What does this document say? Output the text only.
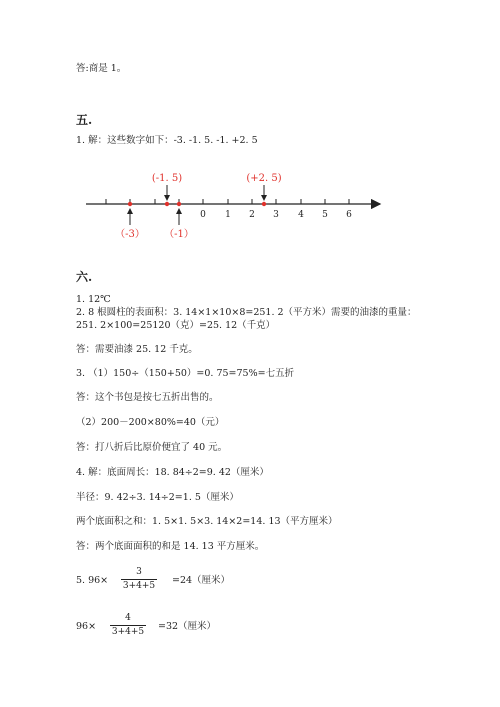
答:商是 1。
五.
1. 解：这些数字如下：-3. -1. 5. -1. +2. 5
0 1 2 3 4 5 6
(-1. 5)	(+2. 5)
（-3） （-1）
六.
1. 12℃
2. 8 根圆柱的表面积：3. 14×1×10×8=251. 2（平方米）需要的油漆的重量：
251. 2×100=25120（克）=25. 12（千克）
答：需要油漆 25. 12 千克。
3. （1）150÷（150+50）=0. 75=75%=七五折
答：这个书包是按七五折出售的。
（2）200－200×80%=40（元）
答：打八折后比原价便宜了 40 元。
4. 解：底面周长：18. 84÷2=9. 42（厘米）
半径：9. 42÷3. 14÷2=1. 5（厘米）
两个底面积之和：1. 5×1. 5×3. 14×2=14. 13（平方厘米）
答：两个底面面积的和是 14. 13 平方厘米。
5. 96×
3
3+4+5 =24（厘米）
96×
4
3+4+5 =32（厘米）
